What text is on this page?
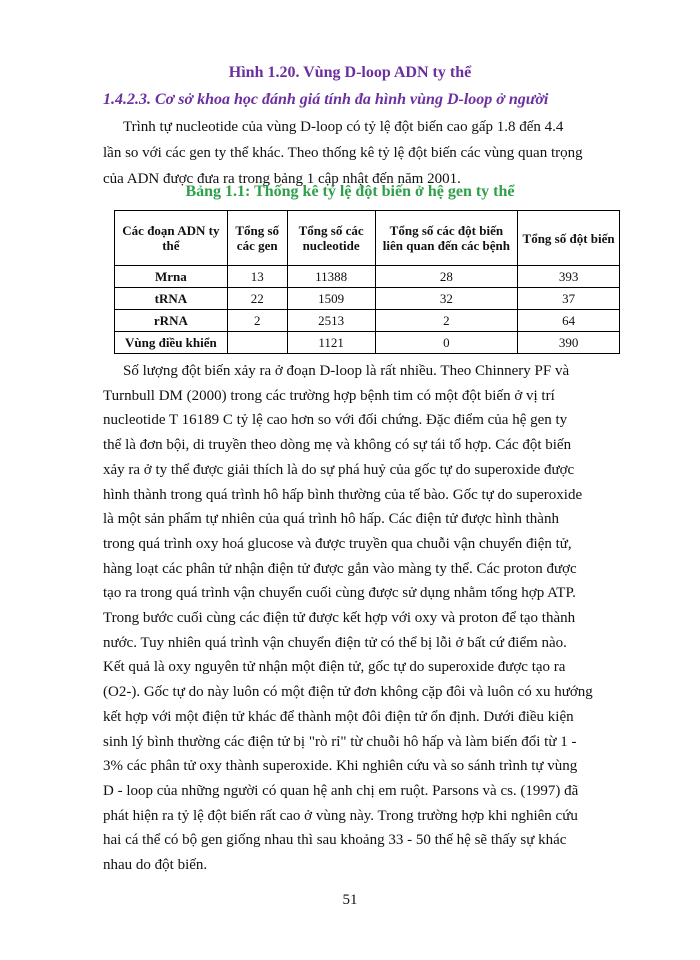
Hình 1.20. Vùng D-loop ADN ty thể
1.4.2.3. Cơ sở khoa học đánh giá tính đa hình vùng D-loop ở người
Trình tự nucleotide của vùng D-loop có tỷ lệ đột biến cao gấp 1.8 đến 4.4
lần so với các gen ty thể khác. Theo thống kê tỷ lệ đột biến các vùng quan trọng
của ADN được đưa ra trong bảng 1 cập nhật đến năm 2001.
Bảng 1.1: Thống kê tỷ lệ đột biến ở hệ gen ty thể
Các đoạn ADN ty thể	Tổng số các gen	Tổng số các nucleotide	Tổng số các đột biến liên quan đến các bệnh	Tổng số đột biến
Mrna	13	11388	28	393
tRNA	22	1509	32	37
rRNA	2	2513	2	64
Vùng điều khiển		1121	0	390
Số lượng đột biến xảy ra ở đoạn D-loop là rất nhiều. Theo Chinnery PF và
Turnbull DM (2000) trong các trường hợp bệnh tim có một đột biến ở vị trí
nucleotide T 16189 C tỷ lệ cao hơn so với đối chứng. Đặc điểm của hệ gen ty
thể là đơn bội, di truyền theo dòng mẹ và không có sự tái tổ hợp. Các đột biến
xảy ra ở ty thể được giải thích là do sự phá huỷ của gốc tự do superoxide được
hình thành trong quá trình hô hấp bình thường của tế bào. Gốc tự do superoxide
là một sản phẩm tự nhiên của quá trình hô hấp. Các điện tử được hình thành
trong quá trình oxy hoá glucose và được truyền qua chuỗi vận chuyển điện tử,
hàng loạt các phân tử nhận điện tử được gắn vào màng ty thể. Các proton được
tạo ra trong quá trình vận chuyển cuối cùng được sử dụng nhằm tổng hợp ATP.
Trong bước cuối cùng các điện tử được kết hợp với oxy và proton để tạo thành
nước. Tuy nhiên quá trình vận chuyển điện tử có thể bị lỗi ở bất cứ điểm nào.
Kết quả là oxy nguyên tử nhận một điện tử, gốc tự do superoxide được tạo ra
(O2-). Gốc tự do này luôn có một điện tử đơn không cặp đôi và luôn có xu hướng
kết hợp với một điện tử khác để thành một đôi điện tử ổn định. Dưới điều kiện
sinh lý bình thường các điện tử bị "rò rỉ" từ chuỗi hô hấp và làm biến đổi từ 1 -
3% các phân tử oxy thành superoxide. Khi nghiên cứu và so sánh trình tự vùng
D - loop của những người có quan hệ anh chị em ruột. Parsons và cs. (1997) đã
phát hiện ra tỷ lệ đột biến rất cao ở vùng này. Trong trường hợp khi nghiên cứu
hai cá thể có bộ gen giống nhau thì sau khoảng 33 - 50 thế hệ sẽ thấy sự khác
nhau do đột biến.
51
